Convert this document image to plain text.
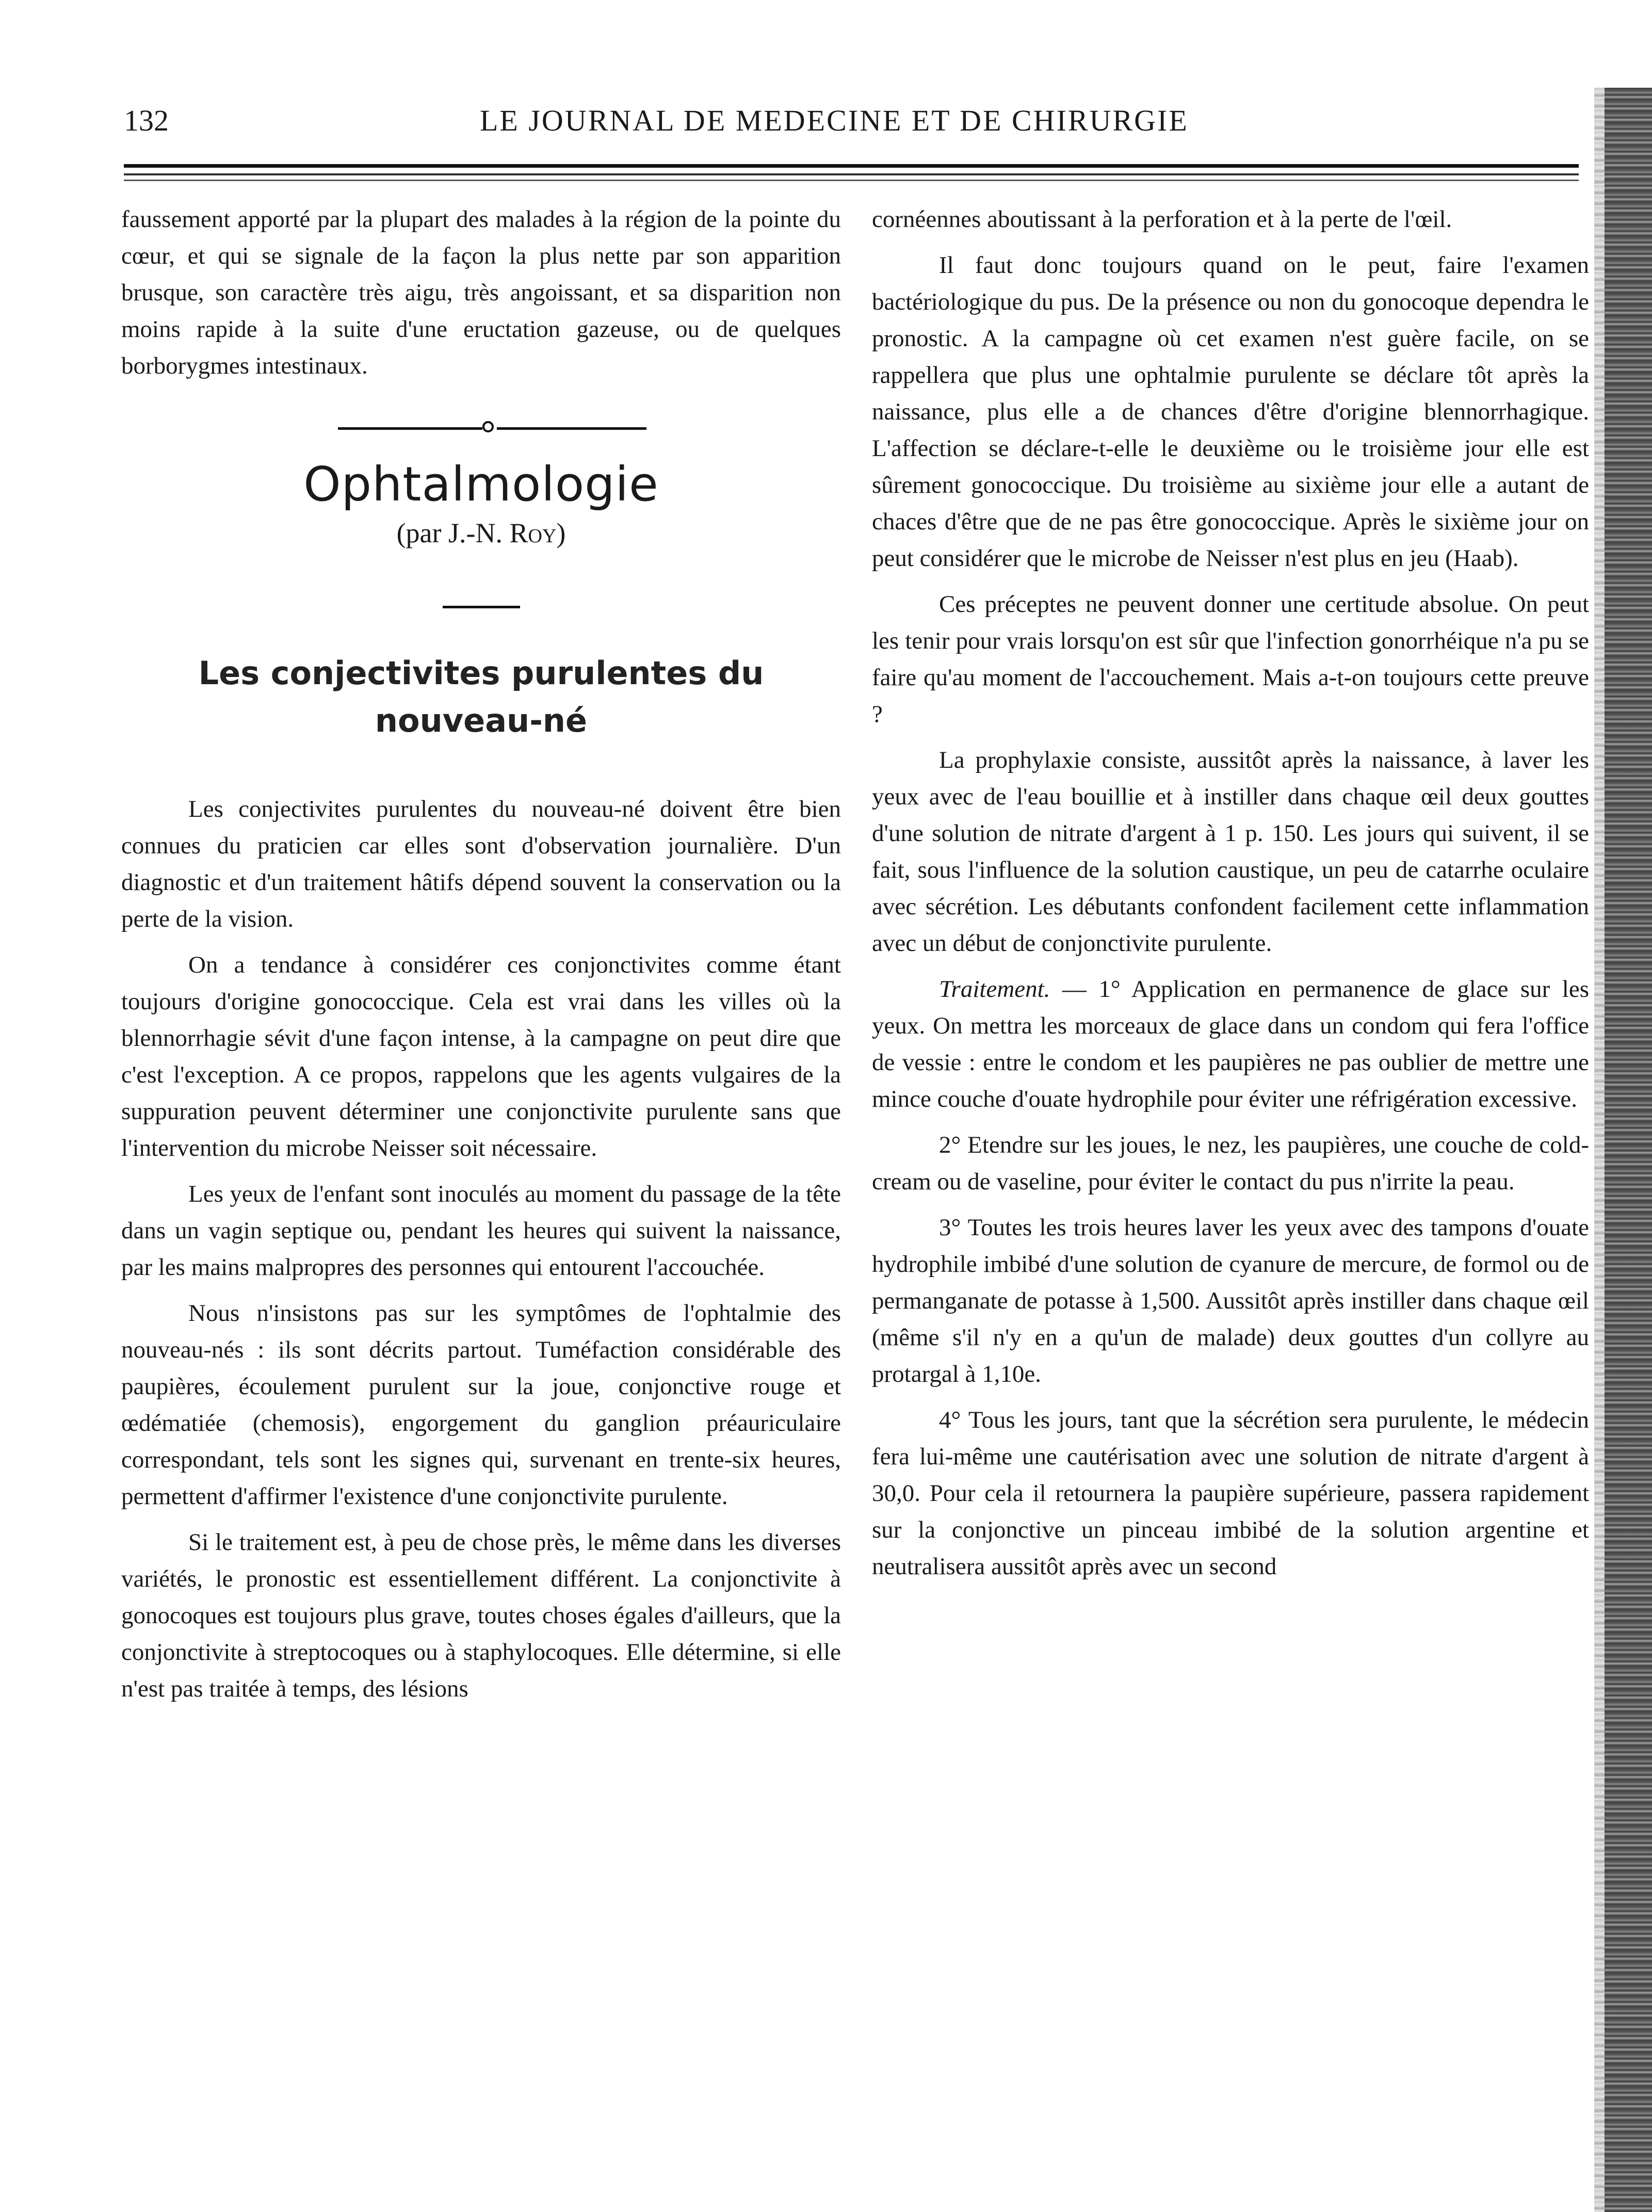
132	LE JOURNAL DE MEDECINE ET DE CHIRURGIE

faussement apporté par la plupart des malades à la région de la pointe du cœur, et qui se signale de la façon la plus nette par son apparition brusque, son caractère très aigu, très angoissant, et sa disparition non moins rapide à la suite d'une eructation gazeuse, ou de quelques borborygmes intestinaux.

Ophtalmologie
(par J.-N. Roy)
Les conjectivites purulentes du nouveau-né

Les conjectivites purulentes du nouveau-né doivent être bien connues du praticien car elles sont d'observation journalière. D'un diagnostic et d'un traitement hâtifs dépend souvent la conservation ou la perte de la vision.

On a tendance à considérer ces conjonctivites comme étant toujours d'origine gonococcique. Cela est vrai dans les villes où la blennorrhagie sévit d'une façon intense, à la campagne on peut dire que c'est l'exception. A ce propos, rappelons que les agents vulgaires de la suppuration peuvent déterminer une conjonctivite purulente sans que l'intervention du microbe Neisser soit nécessaire.

Les yeux de l'enfant sont inoculés au moment du passage de la tête dans un vagin septique ou, pendant les heures qui suivent la naissance, par les mains malpropres des personnes qui entourent l'accouchée.

Nous n'insistons pas sur les symptômes de l'ophtalmie des nouveau-nés : ils sont décrits partout. Tuméfaction considérable des paupières, écoulement purulent sur la joue, conjonctive rouge et œdématiée (chemosis), engorgement du ganglion préauriculaire correspondant, tels sont les signes qui, survenant en trente-six heures, permettent d'affirmer l'existence d'une conjonctivite purulente.

Si le traitement est, à peu de chose près, le même dans les diverses variétés, le pronostic est essentiellement différent. La conjonctivite à gonocoques est toujours plus grave, toutes choses égales d'ailleurs, que la conjonctivite à streptocoques ou à staphylocoques. Elle détermine, si elle n'est pas traitée à temps, des lésions

cornéennes aboutissant à la perforation et à la perte de l'œil.

Il faut donc toujours quand on le peut, faire l'examen bactériologique du pus. De la présence ou non du gonocoque dependra le pronostic. A la campagne où cet examen n'est guère facile, on se rappellera que plus une ophtalmie purulente se déclare tôt après la naissance, plus elle a de chances d'être d'origine blennorrhagique. L'affection se déclare-t-elle le deuxième ou le troisième jour elle est sûrement gonococcique. Du troisième au sixième jour elle a autant de chaces d'être que de ne pas être gonococcique. Après le sixième jour on peut considérer que le microbe de Neisser n'est plus en jeu (Haab).

Ces préceptes ne peuvent donner une certitude absolue. On peut les tenir pour vrais lorsqu'on est sûr que l'infection gonorrhéique n'a pu se faire qu'au moment de l'accouchement. Mais a-t-on toujours cette preuve ?

La prophylaxie consiste, aussitôt après la naissance, à laver les yeux avec de l'eau bouillie et à instiller dans chaque œil deux gouttes d'une solution de nitrate d'argent à 1 p. 150. Les jours qui suivent, il se fait, sous l'influence de la solution caustique, un peu de catarrhe oculaire avec sécrétion. Les débutants confondent facilement cette inflammation avec un début de conjonctivite purulente.

Traitement. — 1° Application en permanence de glace sur les yeux. On mettra les morceaux de glace dans un condom qui fera l'office de vessie : entre le condom et les paupières ne pas oublier de mettre une mince couche d'ouate hydrophile pour éviter une réfrigération excessive.

2° Etendre sur les joues, le nez, les paupières, une couche de cold-cream ou de vaseline, pour éviter le contact du pus n'irrite la peau.

3° Toutes les trois heures laver les yeux avec des tampons d'ouate hydrophile imbibé d'une solution de cyanure de mercure, de formol ou de permanganate de potasse à 1,500. Aussitôt après instiller dans chaque œil (même s'il n'y en a qu'un de malade) deux gouttes d'un collyre au protargal à 1,10e.

4° Tous les jours, tant que la sécrétion sera purulente, le médecin fera lui-même une cautérisation avec une solution de nitrate d'argent à 30,0. Pour cela il retournera la paupière supérieure, passera rapidement sur la conjonctive un pinceau imbibé de la solution argentine et neutralisera aussitôt après avec un second
